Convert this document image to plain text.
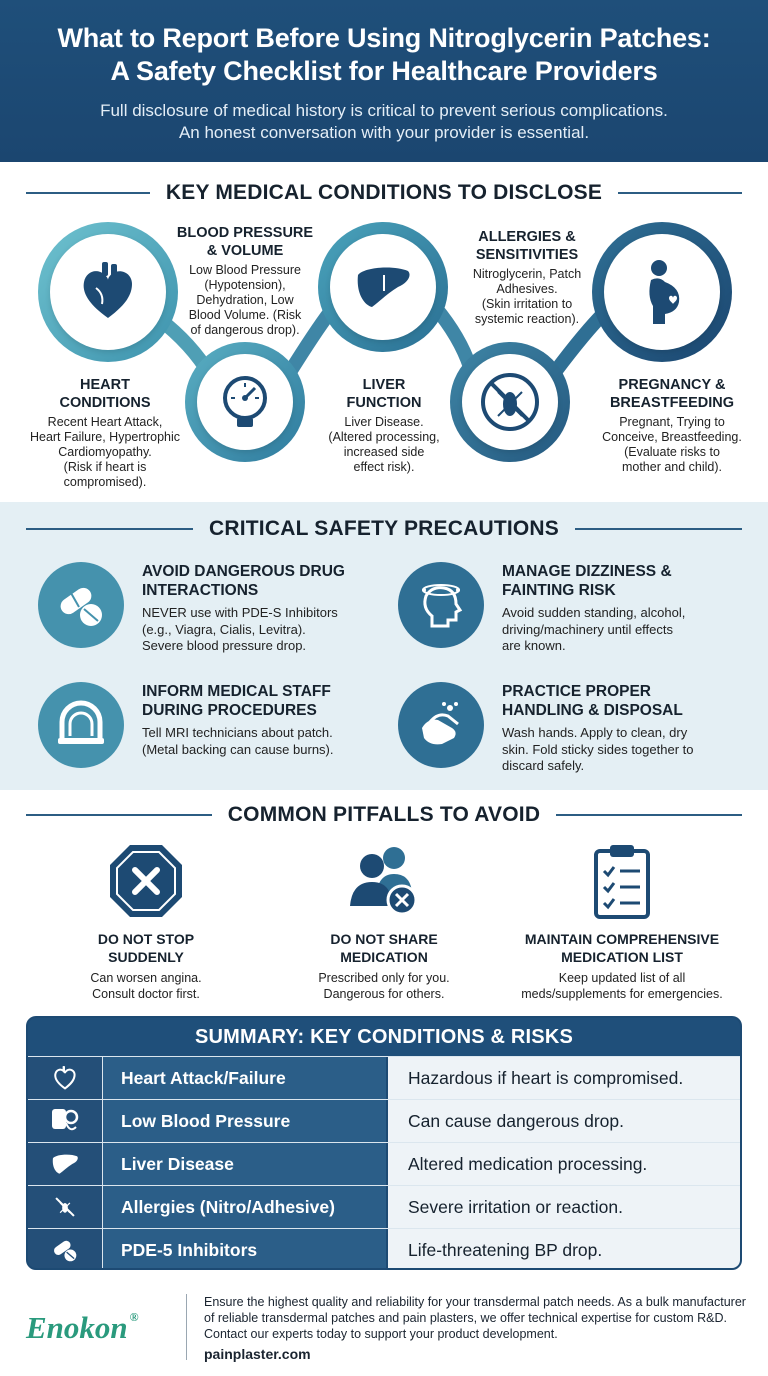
What to Report Before Using Nitroglycerin Patches:
A Safety Checklist for Healthcare Providers

Full disclosure of medical history is critical to prevent serious complications.
An honest conversation with your provider is essential.

KEY MEDICAL CONDITIONS TO DISCLOSE
HEART
CONDITIONS
Recent Heart Attack,
Heart Failure, Hypertrophic
Cardiomyopathy.
(Risk if heart is
compromised).
BLOOD PRESSURE
& VOLUME
Low Blood Pressure
(Hypotension),
Dehydration, Low
Blood Volume. (Risk
of dangerous drop).
LIVER
FUNCTION
Liver Disease.
(Altered processing,
increased side
effect risk).
ALLERGIES &
SENSITIVITIES
Nitroglycerin, Patch
Adhesives.
(Skin irritation to
systemic reaction).
PREGNANCY &
BREASTFEEDING
Pregnant, Trying to
Conceive, Breastfeeding.
(Evaluate risks to
mother and child).
CRITICAL SAFETY PRECAUTIONS
AVOID DANGEROUS DRUG
INTERACTIONS
NEVER use with PDE-S Inhibitors
(e.g., Viagra, Cialis, Levitra).
Severe blood pressure drop.
MANAGE DIZZINESS &
FAINTING RISK
Avoid sudden standing, alcohol,
driving/machinery until effects
are known.
INFORM MEDICAL STAFF
DURING PROCEDURES
Tell MRI technicians about patch.
(Metal backing can cause burns).
PRACTICE PROPER
HANDLING & DISPOSAL
Wash hands. Apply to clean, dry
skin. Fold sticky sides together to
discard safely.
COMMON PITFALLS TO AVOID
DO NOT STOP
SUDDENLY
Can worsen angina.
Consult doctor first.
DO NOT SHARE
MEDICATION
Prescribed only for you.
Dangerous for others.
MAINTAIN COMPREHENSIVE
MEDICATION LIST
Keep updated list of all
meds/supplements for emergencies.
SUMMARY: KEY CONDITIONS & RISKS
Heart Attack/Failure	Hazardous if heart is compromised.
Low Blood Pressure	Can cause dangerous drop.
Liver Disease	Altered medication processing.
Allergies (Nitro/Adhesive)	Severe irritation or reaction.
PDE-5 Inhibitors	Life-threatening BP drop.
Enokon ®
Ensure the highest quality and reliability for your transdermal patch needs. As a bulk manufacturer of reliable transdermal patches and pain plasters, we offer technical expertise for custom R&D. Contact our experts today to support your product development.
painplaster.com
